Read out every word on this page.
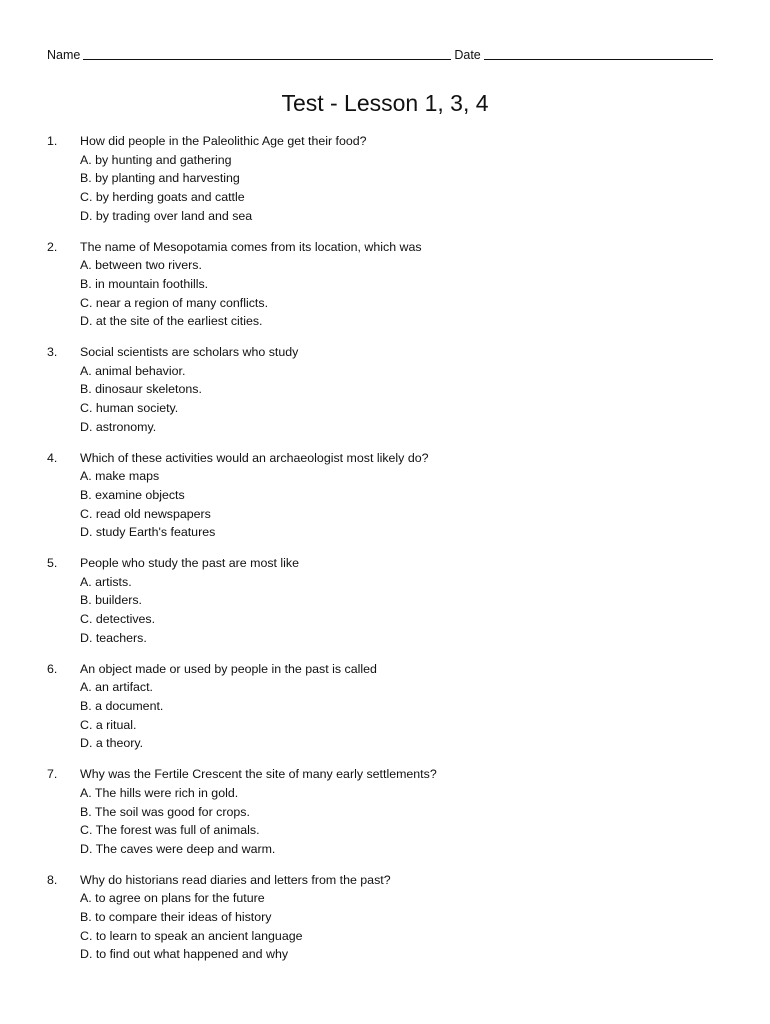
Name	Date
Test - Lesson 1, 3, 4
1.	How did people in the Paleolithic Age get their food?
A. by hunting and gathering
B. by planting and harvesting
C. by herding goats and cattle
D. by trading over land and sea
2.	The name of Mesopotamia comes from its location, which was
A. between two rivers.
B. in mountain foothills.
C. near a region of many conflicts.
D. at the site of the earliest cities.
3.	Social scientists are scholars who study
A. animal behavior.
B. dinosaur skeletons.
C. human society.
D. astronomy.
4.	Which of these activities would an archaeologist most likely do?
A. make maps
B. examine objects
C. read old newspapers
D. study Earth's features
5.	People who study the past are most like
A. artists.
B. builders.
C. detectives.
D. teachers.
6.	An object made or used by people in the past is called
A. an artifact.
B. a document.
C. a ritual.
D. a theory.
7.	Why was the Fertile Crescent the site of many early settlements?
A. The hills were rich in gold.
B. The soil was good for crops.
C. The forest was full of animals.
D. The caves were deep and warm.
8.	Why do historians read diaries and letters from the past?
A. to agree on plans for the future
B. to compare their ideas of history
C. to learn to speak an ancient language
D. to find out what happened and why
